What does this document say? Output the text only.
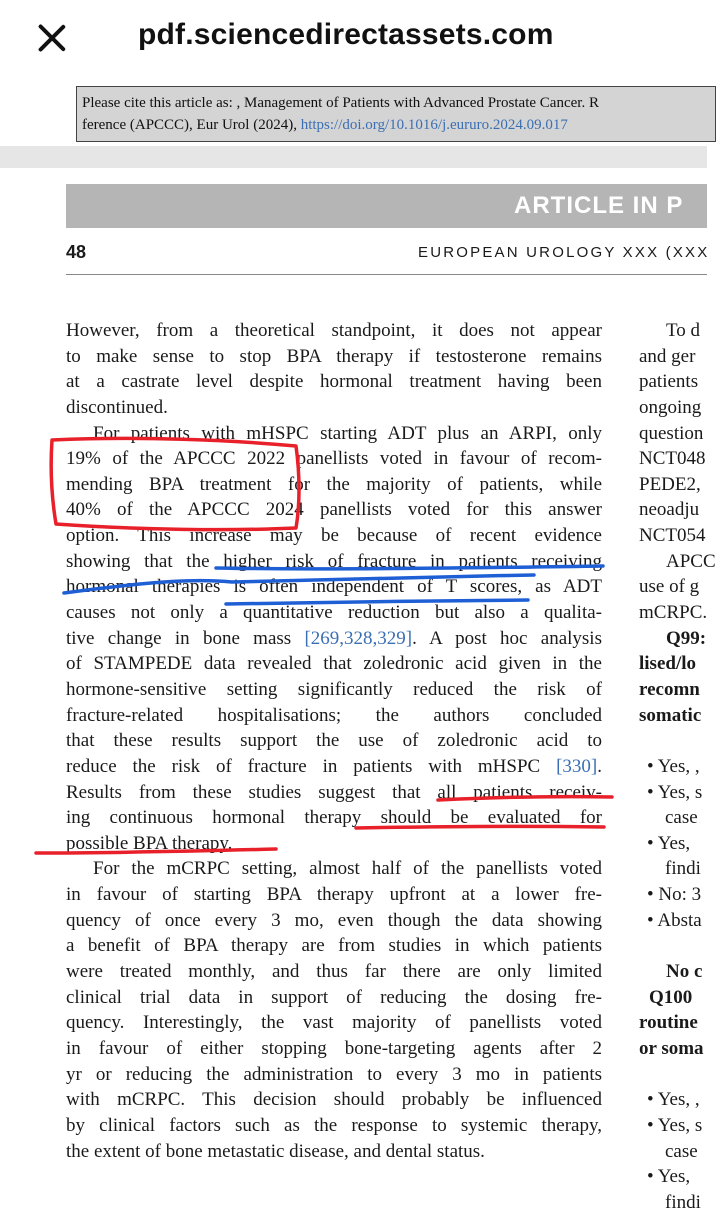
pdf.sciencedirectassets.com
Please cite this article as: , Management of Patients with Advanced Prostate Cancer. R
ference (APCCC), Eur Urol (2024), https://doi.org/10.1016/j.eururo.2024.09.017
ARTICLE IN P
48	EUROPEAN UROLOGY XXX (XXX
However, from a theoretical standpoint, it does not appear
to make sense to stop BPA therapy if testosterone remains
at a castrate level despite hormonal treatment having been
discontinued.
For patients with mHSPC starting ADT plus an ARPI, only
19% of the APCCC 2022 panellists voted in favour of recom-
mending BPA treatment for the majority of patients, while
40% of the APCCC 2024 panellists voted for this answer
option. This increase may be because of recent evidence
showing that the higher risk of fracture in patients receiving
hormonal therapies is often independent of T scores, as ADT
causes not only a quantitative reduction but also a qualita-
tive change in bone mass [269,328,329]. A post hoc analysis
of STAMPEDE data revealed that zoledronic acid given in the
hormone-sensitive setting significantly reduced the risk of
fracture-related hospitalisations; the authors concluded
that these results support the use of zoledronic acid to
reduce the risk of fracture in patients with mHSPC [330].
Results from these studies suggest that all patients receiv-
ing continuous hormonal therapy should be evaluated for
possible BPA therapy.
For the mCRPC setting, almost half of the panellists voted
in favour of starting BPA therapy upfront at a lower fre-
quency of once every 3 mo, even though the data showing
a benefit of BPA therapy are from studies in which patients
were treated monthly, and thus far there are only limited
clinical trial data in support of reducing the dosing fre-
quency. Interestingly, the vast majority of panellists voted
in favour of either stopping bone-targeting agents after 2
yr or reducing the administration to every 3 mo in patients
with mCRPC. This decision should probably be influenced
by clinical factors such as the response to systemic therapy,
the extent of bone metastatic disease, and dental status.
To d
and ger
patients
ongoing
question
NCT048
PEDE2,
neoadju
NCT054
APCC
use of g
mCRPC.
Q99:
lised/lo
recomn
somatic
• Yes, ,
• Yes, s
case
• Yes,
findi
• No: 3
• Absta
No c
Q100
routine
or soma
• Yes, ,
• Yes, s
case
• Yes,
findi
